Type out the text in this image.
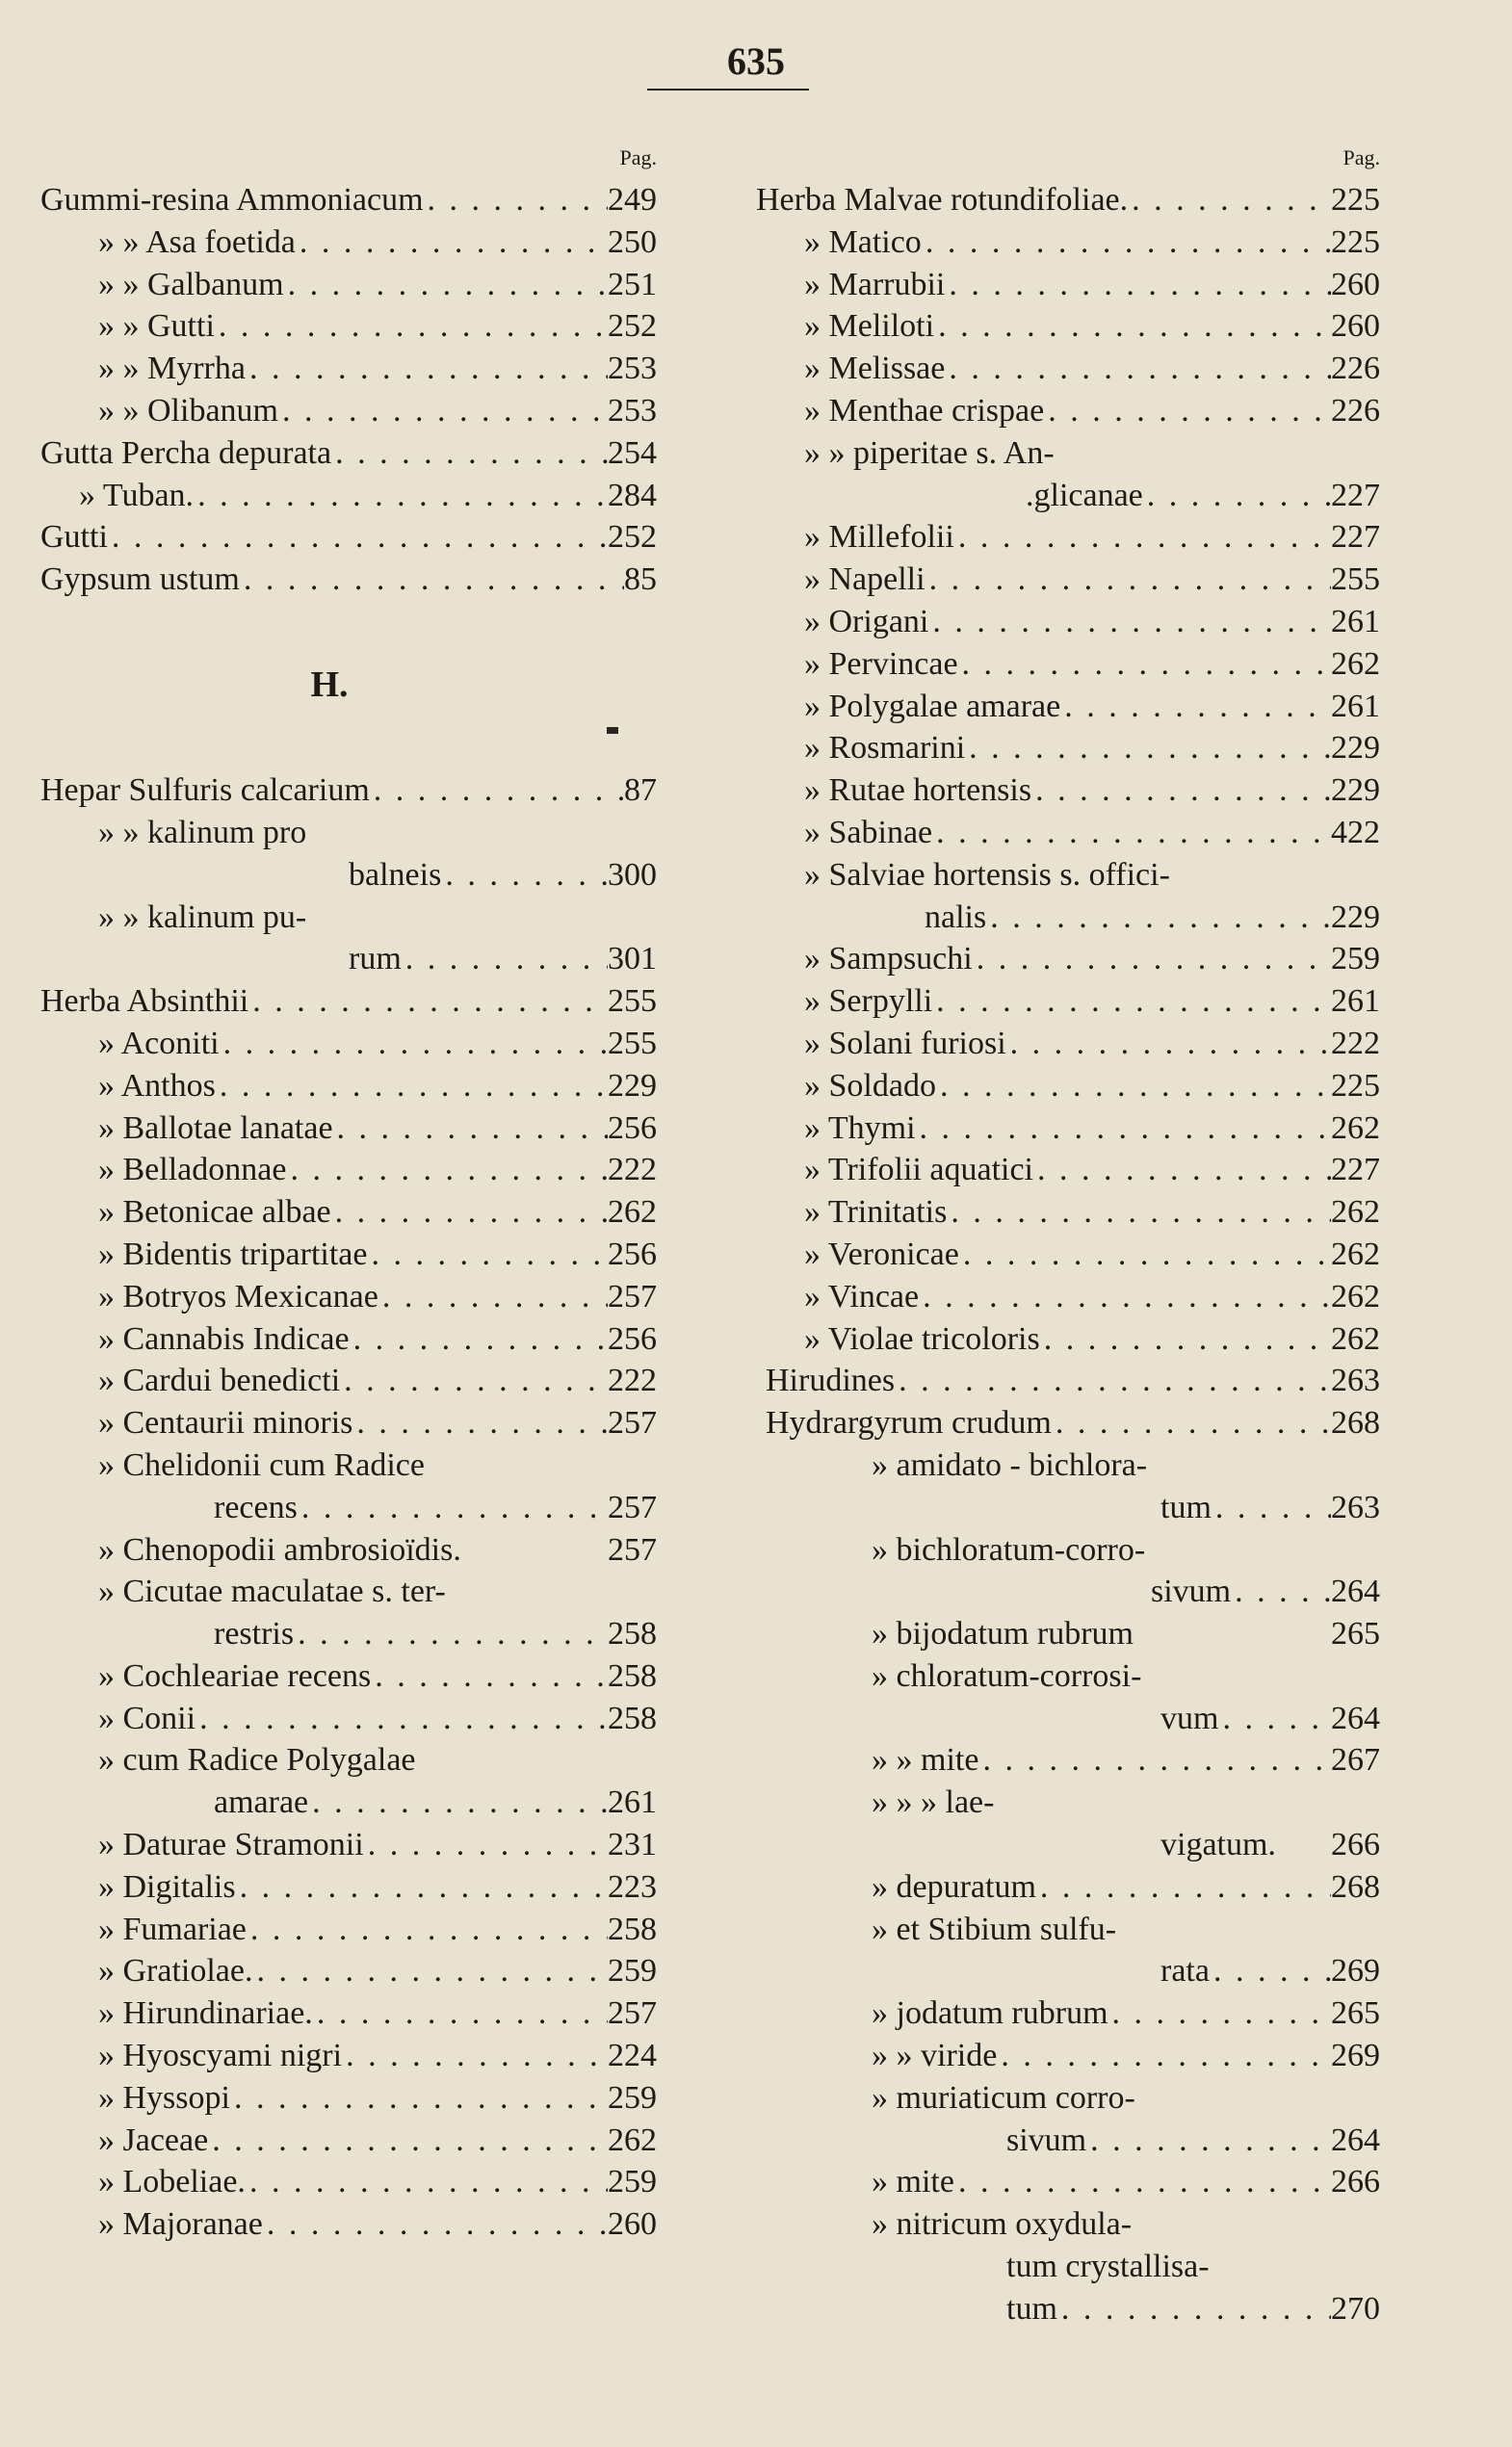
635
Pag.
Gummi-resina Ammoniacum . . .	249
» » Asa foetida . . .	250
» » Galbanum . . .	251
» » Gutti . . .	252
» » Myrrha . . .	253
» » Olibanum . . .	253
Gutta Percha depurata . . .	254
» Tuban. . . .	284
Gutti . . .	252
Gypsum ustum . . .	85
H.
Hepar Sulfuris calcarium . . .	87
» » kalinum pro
balneis . . .	300
» » kalinum pu-
rum . . .	301
Herba Absinthii . . .	255
» Aconiti . . .	255
» Anthos . . .	229
» Ballotae lanatae . . .	256
» Belladonnae . . .	222
» Betonicae albae . . .	262
» Bidentis tripartitae . . .	256
» Botryos Mexicanae . . .	257
» Cannabis Indicae . . .	256
» Cardui benedicti . . .	222
» Centaurii minoris . . .	257
» Chelidonii cum Radice
recens . . .	257
» Chenopodii ambrosioïdis.	257
» Cicutae maculatae s. ter-
restris . . .	258
» Cochleariae recens . . .	258
» Conii . . .	258
» cum Radice Polygalae
amarae . . .	261
» Daturae Stramonii . . .	231
» Digitalis . . .	223
» Fumariae . . .	258
» Gratiolae. . . .	259
» Hirundinariae. . . .	257
» Hyoscyami nigri . . .	224
» Hyssopi . . .	259
» Jaceae . . .	262
» Lobeliae. . . .	259
» Majoranae . . .	260
Pag.
Herba Malvae rotundifoliae. . . .	225
» Matico . . .	225
» Marrubii . . .	260
» Meliloti . . .	260
» Melissae . . .	226
» Menthae crispae . . .	226
» » piperitae s. An-
.glicanae . . .	227
» Millefolii . . .	227
» Napelli . . .	255
» Origani . . .	261
» Pervincae . . .	262
» Polygalae amarae . . .	261
» Rosmarini . . .	229
» Rutae hortensis . . .	229
» Sabinae . . .	422
» Salviae hortensis s. offici-
nalis . . .	229
» Sampsuchi . . .	259
» Serpylli . . .	261
» Solani furiosi . . .	222
» Soldado . . .	225
» Thymi . . .	262
» Trifolii aquatici . . .	227
» Trinitatis . . .	262
» Veronicae . . .	262
» Vincae . . .	262
» Violae tricoloris . . .	262
Hirudines . . .	263
Hydrargyrum crudum . . .	268
» amidato - bichlora-
tum . . .	263
» bichloratum-corro-
sivum . . .	264
» bijodatum rubrum	265
» chloratum-corrosi-
vum . . .	264
» » mite . . .	267
» » » lae-
vigatum.	266
» depuratum . . .	268
» et Stibium sulfu-
rata . . .	269
» jodatum rubrum . . .	265
» » viride . . .	269
» muriaticum corro-
sivum . . .	264
» mite . . .	266
» nitricum oxydula-
tum crystallisa-
tum . . .	270
